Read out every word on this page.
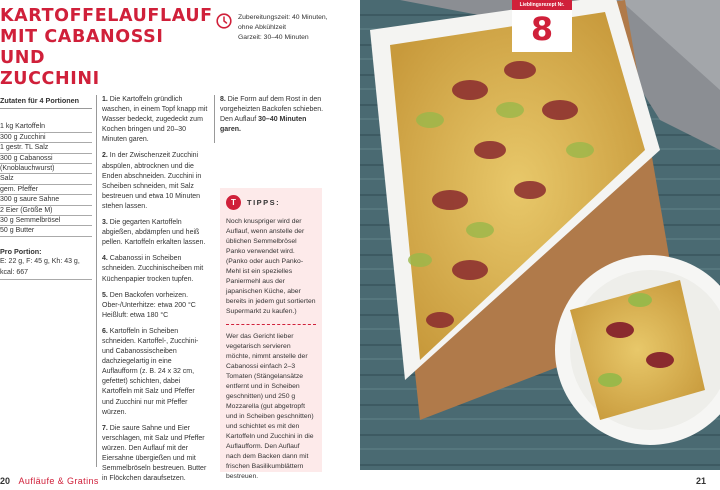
KARTOFFELAUFLAUF
MIT CABANOSSI UND
ZUCCHINI
Zubereitungszeit: 40 Minuten,
ohne Abkühlzeit
Garzeit: 30–40 Minuten
Zutaten für 4 Portionen
1 kg Kartoffeln
300 g Zucchini
1 gestr. TL Salz
300 g Cabanossi
(Knoblauchwurst)
Salz
gem. Pfeffer
300 g saure Sahne
2 Eier (Größe M)
30 g Semmelbrösel
50 g Butter
Pro Portion:
E: 22 g, F: 45 g, Kh: 43 g, kcal: 667
1. Die Kartoffeln gründlich waschen, in einem Topf knapp mit Wasser bedeckt, zugedeckt zum Kochen bringen und 20–30 Minuten garen.
2. In der Zwischenzeit Zucchini abspülen, abtrocknen und die Enden abschneiden. Zucchini in Scheiben schneiden, mit Salz bestreuen und etwa 10 Minuten stehen lassen.
3. Die gegarten Kartoffeln abgießen, abdämpfen und heiß pellen. Kartoffeln erkalten lassen.
4. Cabanossi in Scheiben schneiden. Zucchinischeiben mit Küchenpapier trocken tupfen.
5. Den Backofen vorheizen. Ober-/Unterhitze: etwa 200 °C Heißluft: etwa 180 °C
6. Kartoffeln in Scheiben schneiden. Kartoffel-, Zucchini- und Cabanossischeiben dachziegelartig in eine Auflaufform (z. B. 24 x 32 cm, gefettet) schichten, dabei Kartoffeln mit Salz und Pfeffer und Zucchini nur mit Pfeffer würzen.
7. Die saure Sahne und Eier verschlagen, mit Salz und Pfeffer würzen. Den Auflauf mit der Eiersahne übergießen und mit Semmelbröseln bestreuen. Butter in Flöckchen daraufsetzen.
8. Die Form auf dem Rost in den vorgeheizten Backofen schieben. Den Auflauf 30–40 Minuten garen.
T	TIPPS:
Noch knuspriger wird der Auflauf, wenn anstelle der üblichen Semmelbrösel Panko verwendet wird. (Panko oder auch Panko-Mehl ist ein spezielles Paniermehl aus der japanischen Küche, aber bereits in jedem gut sortierten Supermarkt zu kaufen.)
Wer das Gericht lieber vegetarisch servieren möchte, nimmt anstelle der Cabanossi einfach 2–3 Tomaten (Stängelansätze entfernt und in Scheiben geschnitten) und 250 g Mozzarella (gut abgetropft und in Scheiben geschnitten) und schichtet es mit den Kartoffeln und Zucchini in die Auflaufform. Den Auflauf nach dem Backen dann mit frischen Basilikumblättern bestreuen.
20 Aufläufe & Gratins	21
Lieblingsrezept Nr.
8
